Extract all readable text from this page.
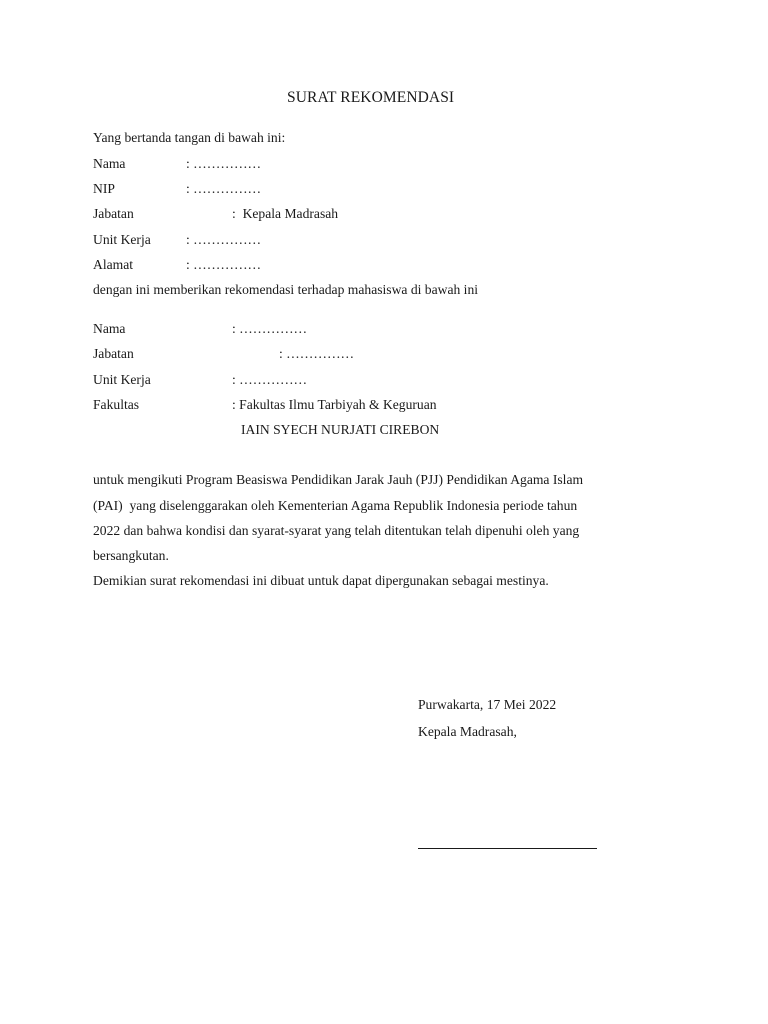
SURAT REKOMENDASI
Yang bertanda tangan di bawah ini:
Nama	: ……………
NIP	: ……………
Jabatan	:  Kepala Madrasah
Unit Kerja	: ……………
Alamat	: ……………
dengan ini memberikan rekomendasi terhadap mahasiswa di bawah ini
Nama	: ……………
Jabatan	: ……………
Unit Kerja	: ……………
Fakultas	: Fakultas Ilmu Tarbiyah & Keguruan
IAIN SYECH NURJATI CIREBON
untuk mengikuti Program Beasiswa Pendidikan Jarak Jauh (PJJ) Pendidikan Agama Islam
(PAI)  yang diselenggarakan oleh Kementerian Agama Republik Indonesia periode tahun
2022 dan bahwa kondisi dan syarat-syarat yang telah ditentukan telah dipenuhi oleh yang
bersangkutan.
Demikian surat rekomendasi ini dibuat untuk dapat dipergunakan sebagai mestinya.
Purwakarta, 17 Mei 2022
Kepala Madrasah,
